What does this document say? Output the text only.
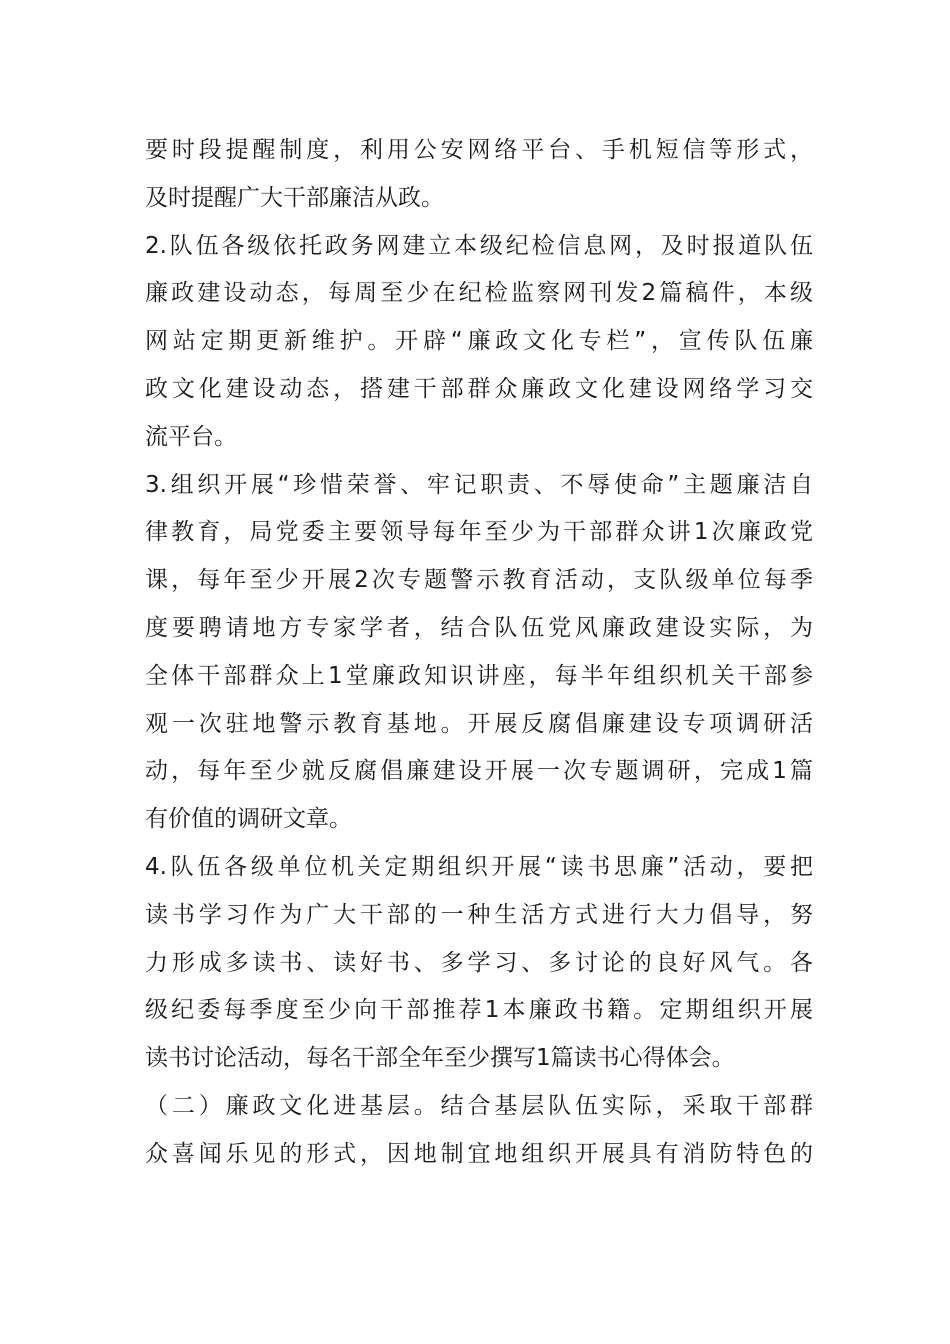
要时段提醒制度，利用公安网络平台、手机短信等形式，
及时提醒广大干部廉洁从政。
2.队伍各级依托政务网建立本级纪检信息网，及时报道队伍
廉政建设动态，每周至少在纪检监察网刊发2篇稿件，本级
网站定期更新维护。开辟“廉政文化专栏”，宣传队伍廉
政文化建设动态，搭建干部群众廉政文化建设网络学习交
流平台。
3.组织开展“珍惜荣誉、牢记职责、不辱使命”主题廉洁自
律教育，局党委主要领导每年至少为干部群众讲1次廉政党
课，每年至少开展2次专题警示教育活动，支队级单位每季
度要聘请地方专家学者，结合队伍党风廉政建设实际，为
全体干部群众上1堂廉政知识讲座，每半年组织机关干部参
观一次驻地警示教育基地。开展反腐倡廉建设专项调研活
动，每年至少就反腐倡廉建设开展一次专题调研，完成1篇
有价值的调研文章。
4.队伍各级单位机关定期组织开展“读书思廉”活动，要把
读书学习作为广大干部的一种生活方式进行大力倡导，努
力形成多读书、读好书、多学习、多讨论的良好风气。各
级纪委每季度至少向干部推荐1本廉政书籍。定期组织开展
读书讨论活动，每名干部全年至少撰写1篇读书心得体会。
（二）廉政文化进基层。结合基层队伍实际，采取干部群
众喜闻乐见的形式，因地制宜地组织开展具有消防特色的
